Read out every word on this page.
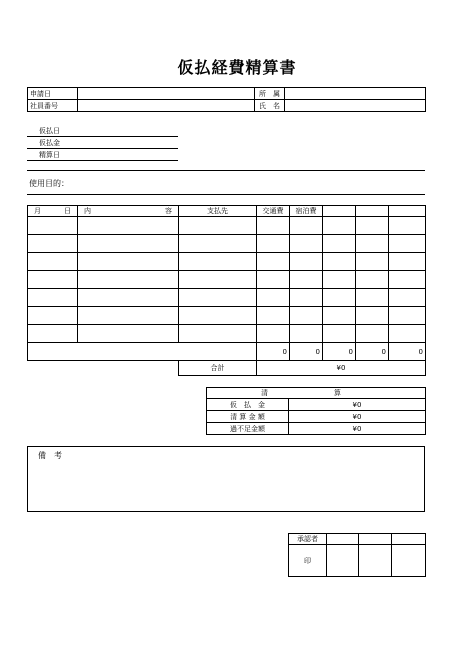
仮払経費精算書
申請日		所　属	
社員番号		氏　名	
仮払日
仮払金
精算日
使用目的：
月 日	内 容	支払先	交通費	宿泊費			

			0	0	0	0	0
合計	¥0
清 算	
仮　払　金	¥0
清 算 金 額	¥0
過不足金額	¥0
備　考
承認者			
印			
